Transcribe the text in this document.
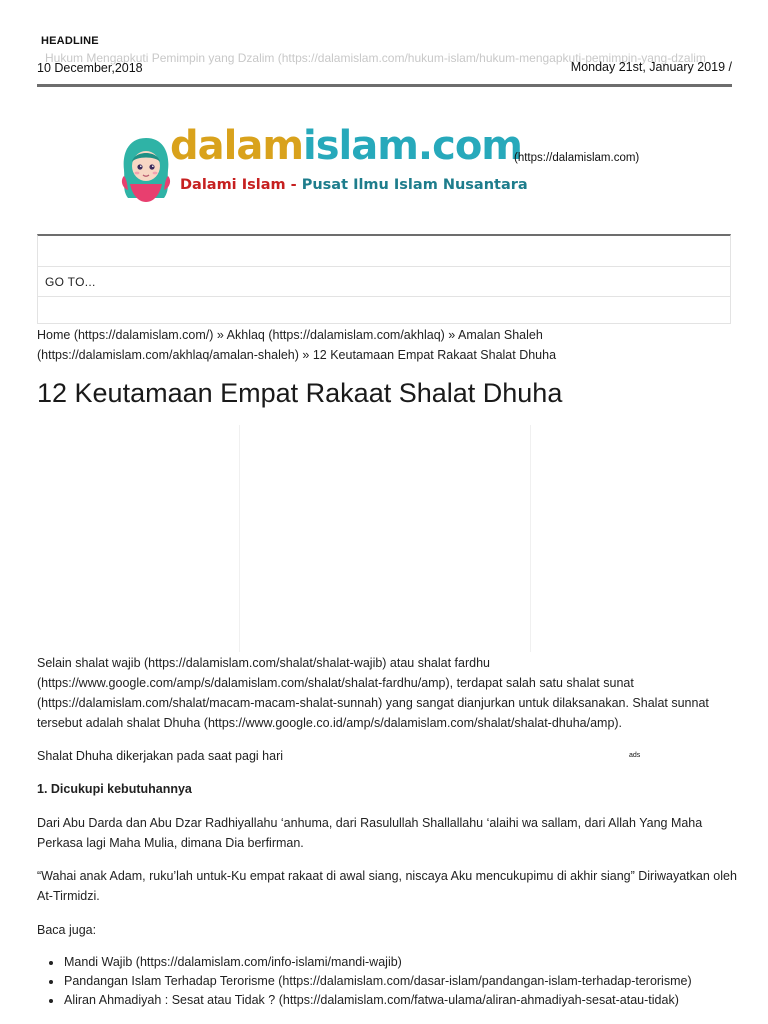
HEADLINE
Hukum Mengapkuti Pemimpin yang Dzalim (https://dalamislam.com/hukum-islam/hukum-mengapkuti-pemimpin-yang-dzalim
10 December,2018	Monday 21st, January 2019 /
dalamislam.com
Dalami Islam - Pusat Ilmu Islam Nusantara
(https://dalamislam.com)
GO TO...
Home (https://dalamislam.com/) » Akhlaq (https://dalamislam.com/akhlaq) » Amalan Shaleh (https://dalamislam.com/akhlaq/amalan-shaleh) » 12 Keutamaan Empat Rakaat Shalat Dhuha
12 Keutamaan Empat Rakaat Shalat Dhuha

Selain shalat wajib (https://dalamislam.com/shalat/shalat-wajib) atau shalat fardhu (https://www.google.com/amp/s/dalamislam.com/shalat/shalat-fardhu/amp), terdapat salah satu shalat sunat (https://dalamislam.com/shalat/macam-macam-shalat-sunnah) yang sangat dianjurkan untuk dilaksanakan. Shalat sunnat tersebut adalah shalat Dhuha (https://www.google.co.id/amp/s/dalamislam.com/shalat/shalat-dhuha/amp).

Shalat Dhuha dikerjakan pada saat pagi hari	ads

1. Dicukupi kebutuhannya

Dari Abu Darda dan Abu Dzar Radhiyallahu ‘anhuma, dari Rasulullah Shallallahu ‘alaihi wa sallam, dari Allah Yang Maha Perkasa lagi Maha Mulia, dimana Dia berfirman.

“Wahai anak Adam, ruku’lah untuk-Ku empat rakaat di awal siang, niscaya Aku mencukupimu di akhir siang” Diriwayatkan oleh At-Tirmidzi.

Baca juga:

Mandi Wajib (https://dalamislam.com/info-islami/mandi-wajib)
Pandangan Islam Terhadap Terorisme (https://dalamislam.com/dasar-islam/pandangan-islam-terhadap-terorisme)
Aliran Ahmadiyah : Sesat atau Tidak ? (https://dalamislam.com/fatwa-ulama/aliran-ahmadiyah-sesat-atau-tidak)
